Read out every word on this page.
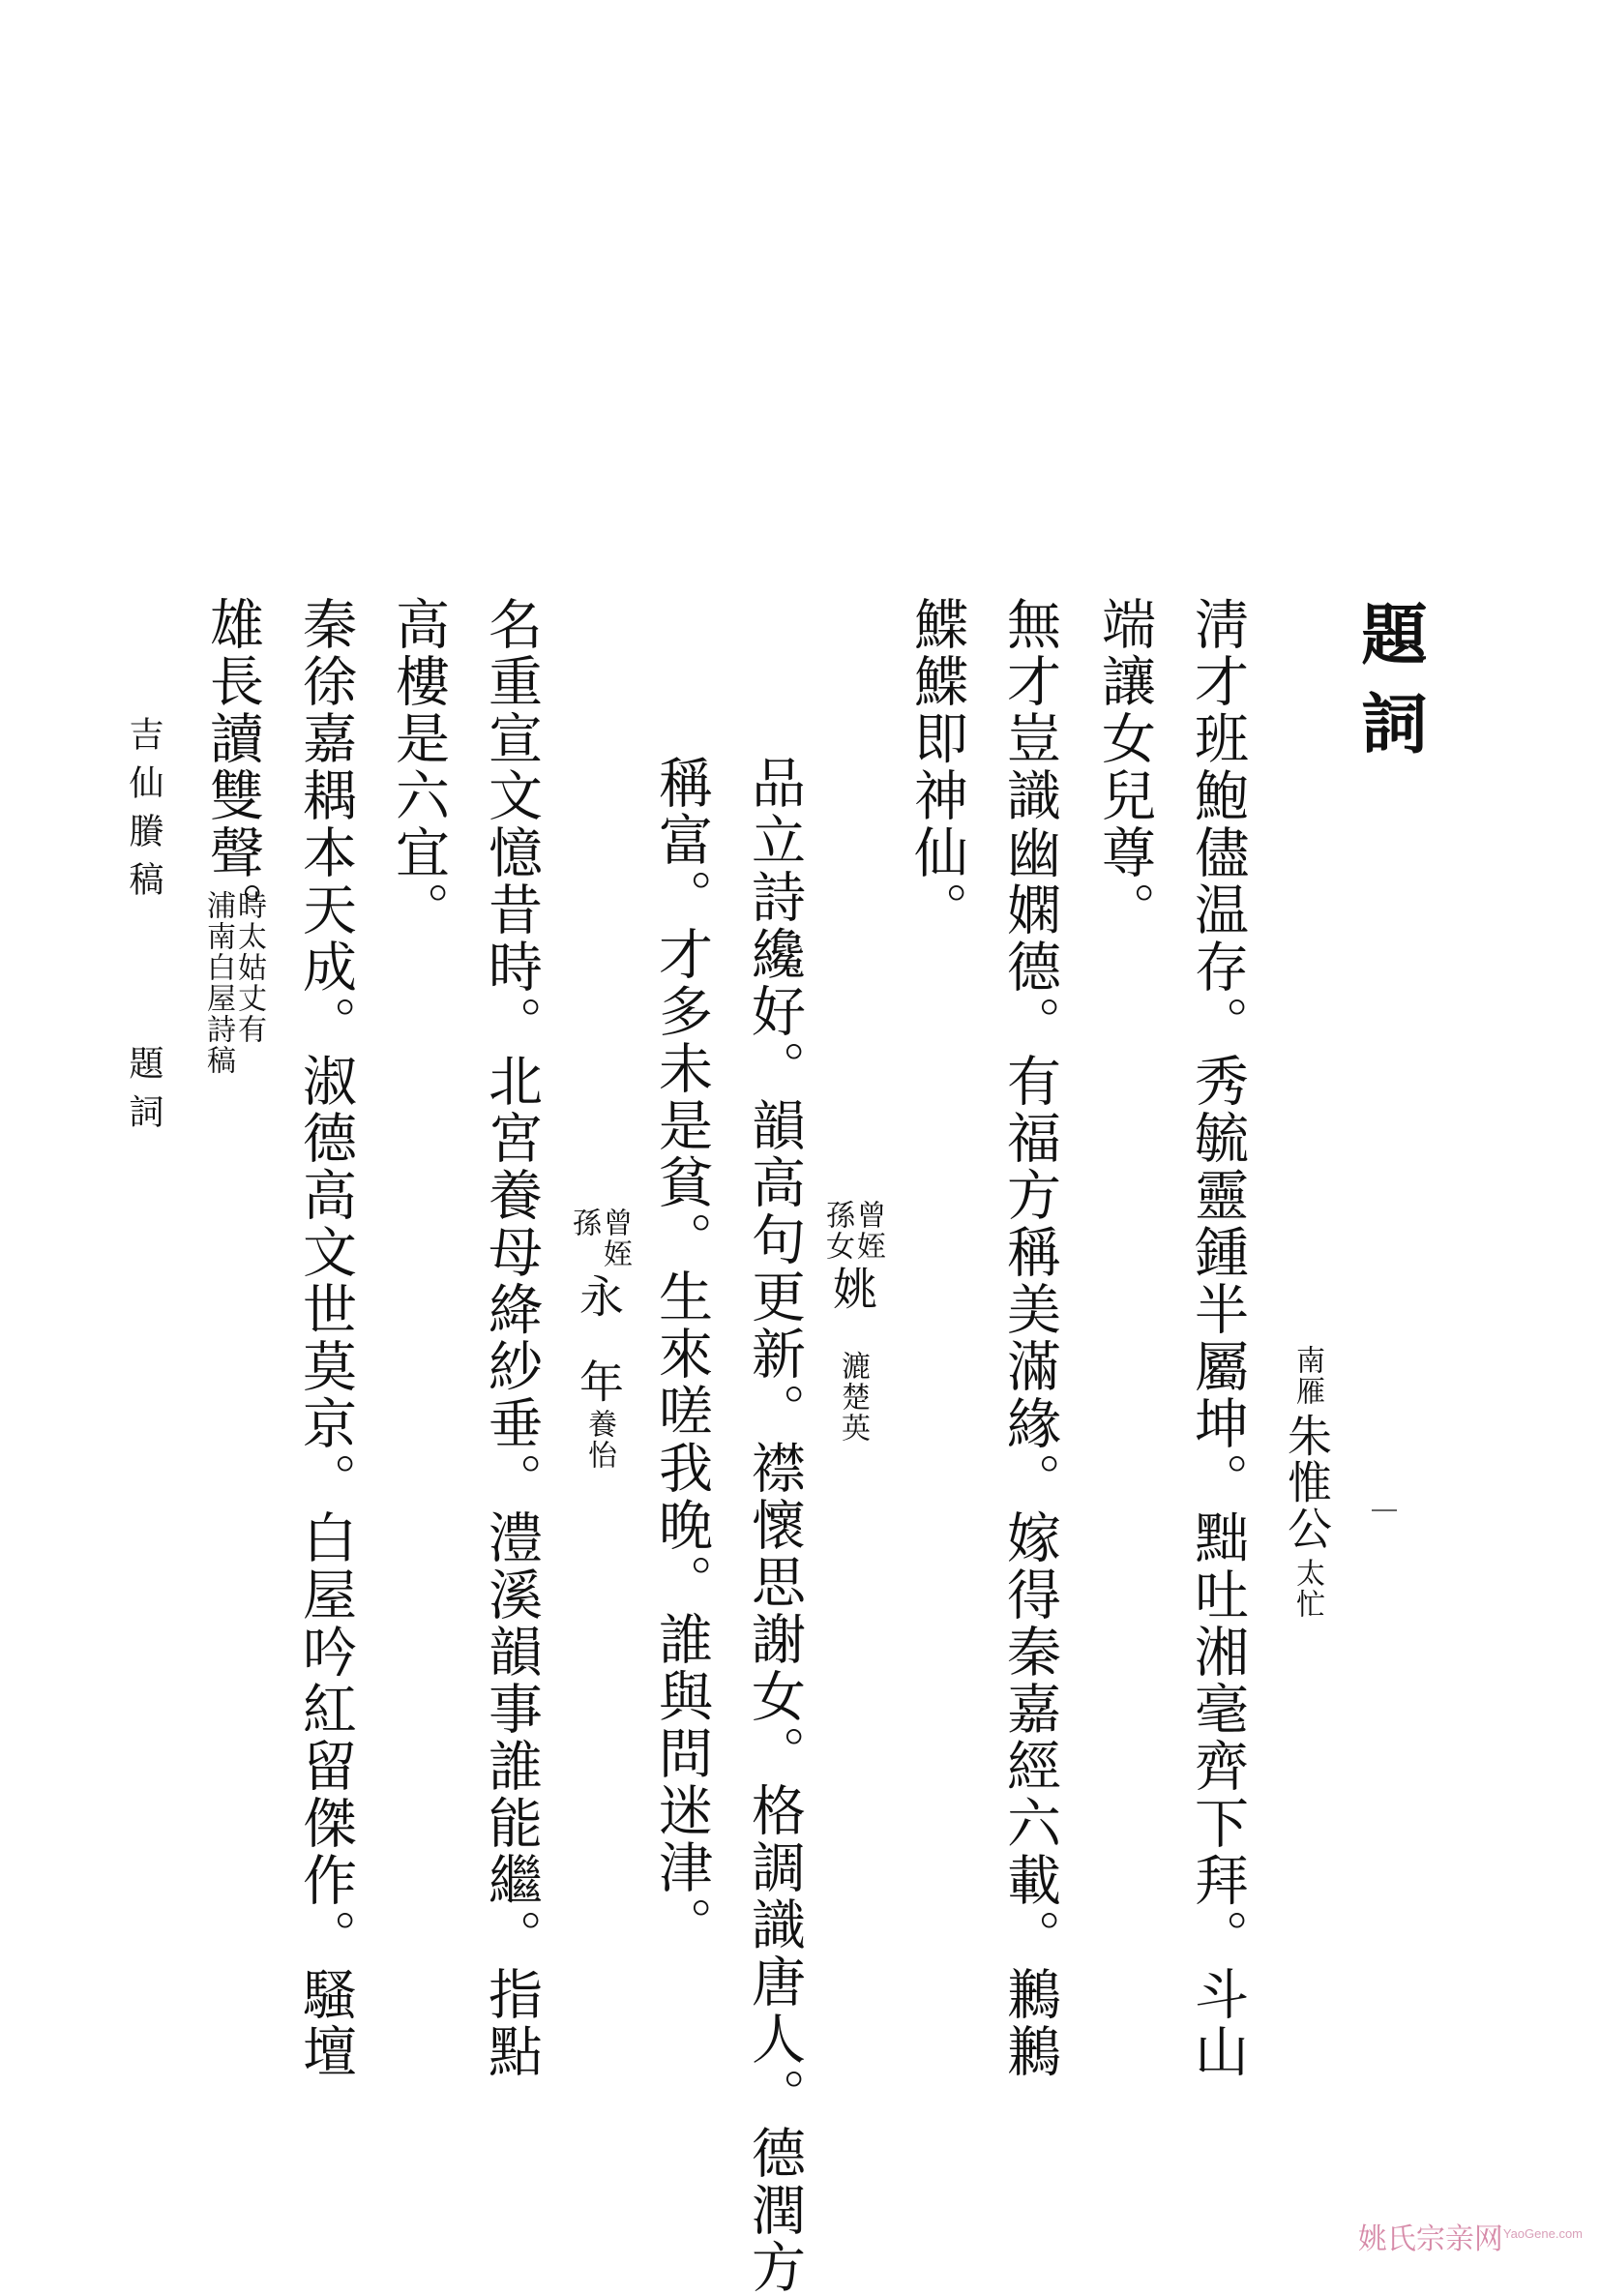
題詞
南雁
朱惟公
太忙
淸才班鮑儘温存。秀毓靈鍾半屬坤。黜吐湘毫齊下拜。斗山
端讓女兒尊。
無才豈識幽嫻德。有福方稱美滿緣。嫁得秦嘉經六載。鶼鶼
鰈鰈即神仙。
曾姪
孫女
姚
漉楚英
品立詩纔好。韻高句更新。襟懷思謝女。格調識唐人。德潤方
稱富。才多未是貧。生來嗟我晚。誰與問迷津。
曾姪
孫
永
年
養怡
名重宣文憶昔時。北宮養母絳紗垂。澧溪韻事誰能繼。指點
高樓是六宜。
秦徐嘉耦本天成。淑德高文世莫京。白屋吟紅留傑作。騷壇
雄長讀雙聲。
時太姑丈有
浦南白屋詩稿
吉仙賸稿
題詞
姚氏宗亲网$^{YaoGene.com}$
